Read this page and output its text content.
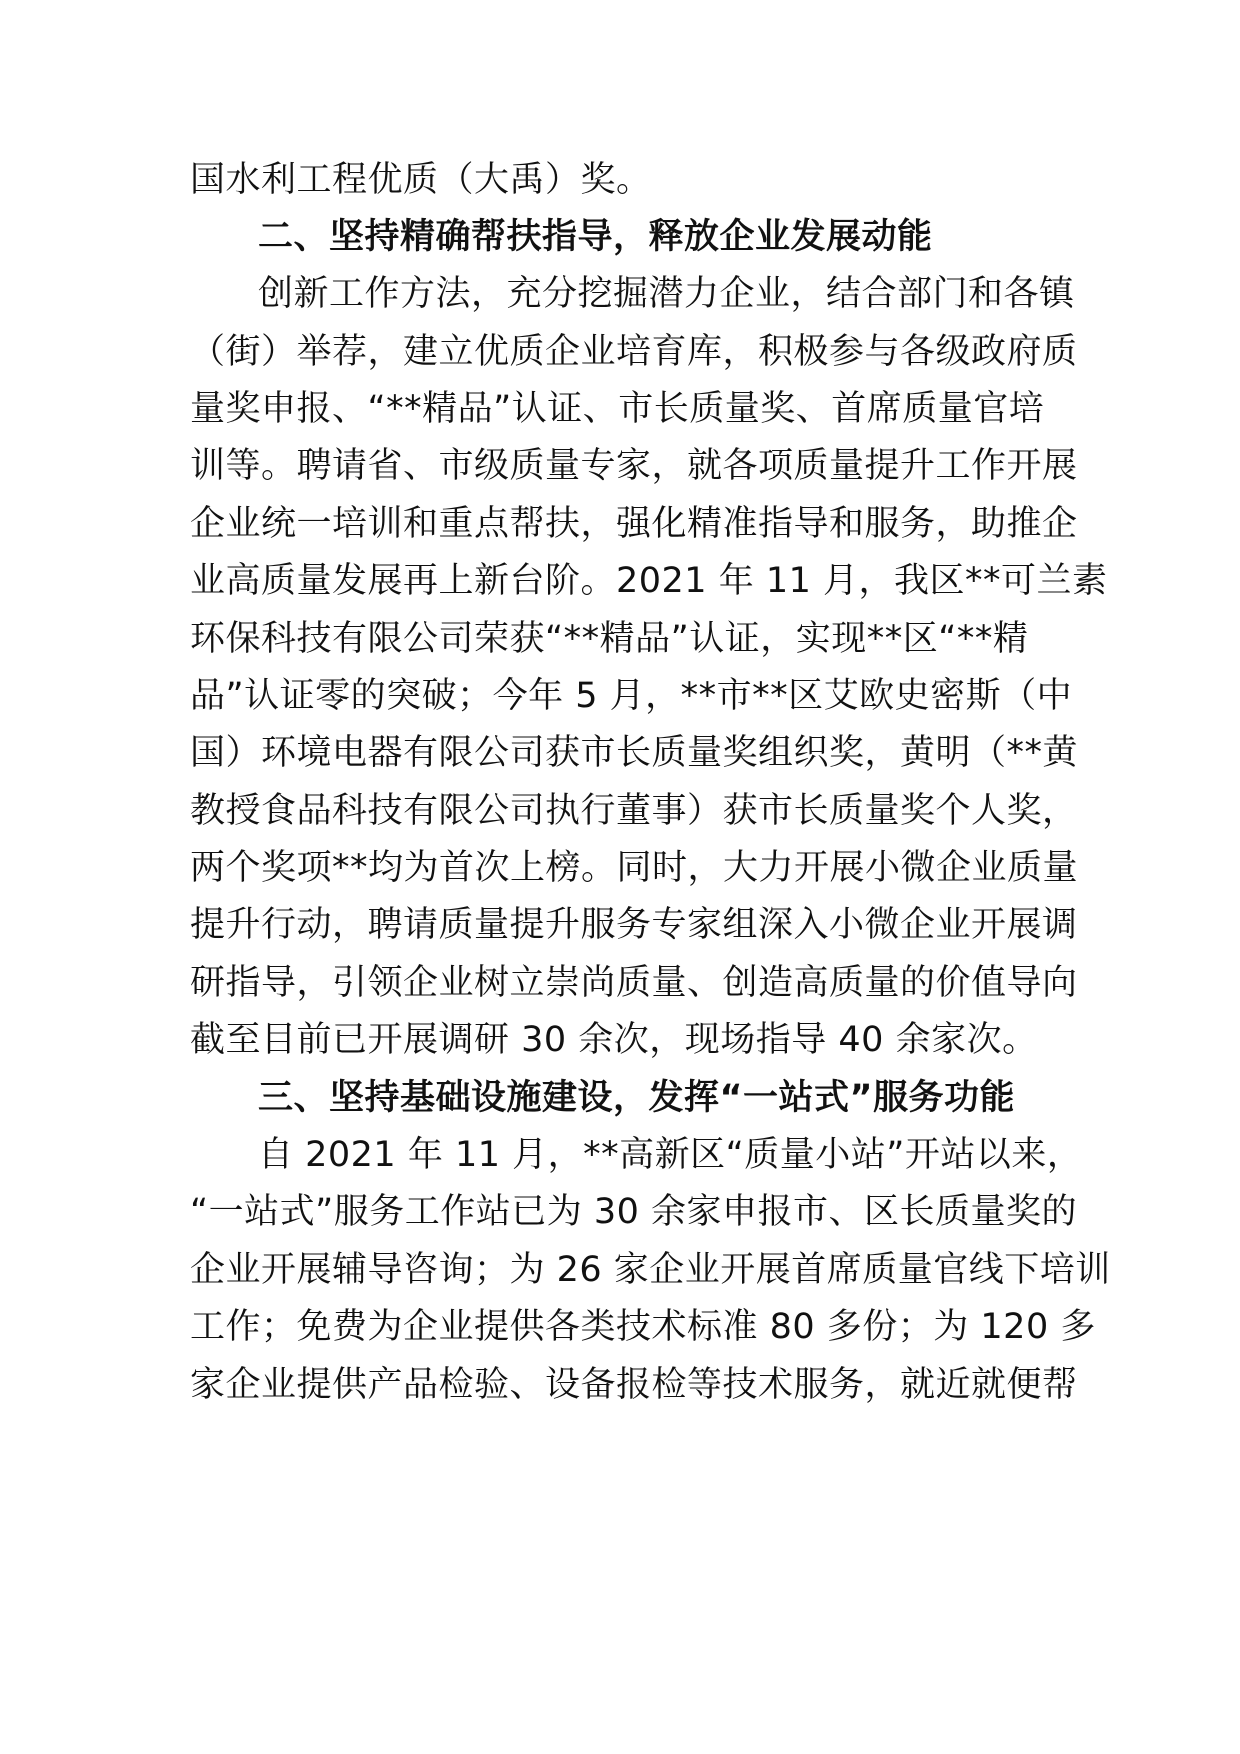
国水利工程优质（大禹）奖。
二、坚持精确帮扶指导，释放企业发展动能
创新工作方法，充分挖掘潜力企业，结合部门和各镇
（街）举荐，建立优质企业培育库，积极参与各级政府质
量奖申报、“**精品”认证、市长质量奖、首席质量官培
训等。聘请省、市级质量专家，就各项质量提升工作开展
企业统一培训和重点帮扶，强化精准指导和服务，助推企
业高质量发展再上新台阶。2021 年 11 月，我区**可兰素
环保科技有限公司荣获“**精品”认证，实现**区“**精
品”认证零的突破；今年 5 月，**市**区艾欧史密斯（中
国）环境电器有限公司获市长质量奖组织奖，黄明（**黄
教授食品科技有限公司执行董事）获市长质量奖个人奖，
两个奖项**均为首次上榜。同时，大力开展小微企业质量
提升行动，聘请质量提升服务专家组深入小微企业开展调
研指导，引领企业树立崇尚质量、创造高质量的价值导向
截至目前已开展调研 30 余次，现场指导 40 余家次。
三、坚持基础设施建设，发挥“一站式”服务功能
自 2021 年 11 月，**高新区“质量小站”开站以来，
“一站式”服务工作站已为 30 余家申报市、区长质量奖的
企业开展辅导咨询；为 26 家企业开展首席质量官线下培训
工作；免费为企业提供各类技术标准 80 多份；为 120 多
家企业提供产品检验、设备报检等技术服务，就近就便帮
